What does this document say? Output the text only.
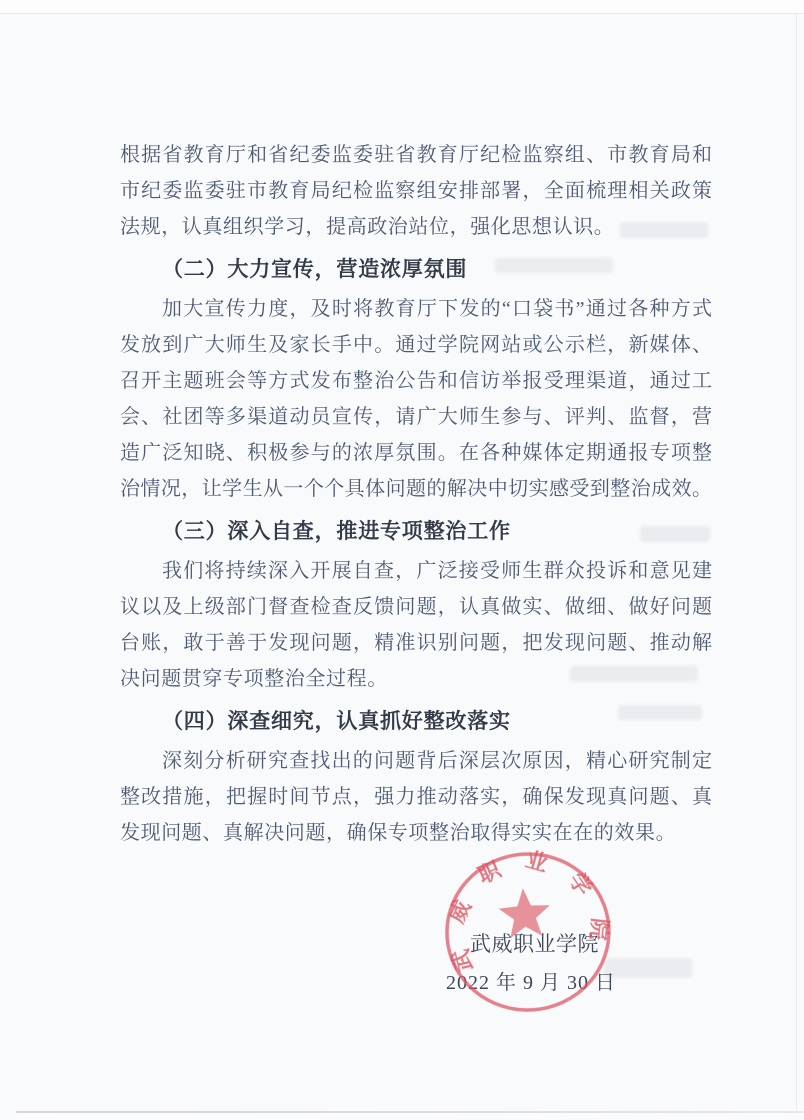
根据省教育厅和省纪委监委驻省教育厅纪检监察组、市教育局和
市纪委监委驻市教育局纪检监察组安排部署，全面梳理相关政策
法规，认真组织学习，提高政治站位，强化思想认识。
（二）大力宣传，营造浓厚氛围
加大宣传力度，及时将教育厅下发的“口袋书”通过各种方式
发放到广大师生及家长手中。通过学院网站或公示栏，新媒体、
召开主题班会等方式发布整治公告和信访举报受理渠道，通过工
会、社团等多渠道动员宣传，请广大师生参与、评判、监督，营
造广泛知晓、积极参与的浓厚氛围。在各种媒体定期通报专项整
治情况，让学生从一个个具体问题的解决中切实感受到整治成效。
（三）深入自查，推进专项整治工作
我们将持续深入开展自查，广泛接受师生群众投诉和意见建
议以及上级部门督查检查反馈问题，认真做实、做细、做好问题
台账，敢于善于发现问题，精准识别问题，把发现问题、推动解
决问题贯穿专项整治全过程。
（四）深查细究，认真抓好整改落实
深刻分析研究查找出的问题背后深层次原因，精心研究制定
整改措施，把握时间节点，强力推动落实，确保发现真问题、真
发现问题、真解决问题，确保专项整治取得实实在在的效果。
武威职业学院
武威职业学院
2022 年 9 月 30 日
